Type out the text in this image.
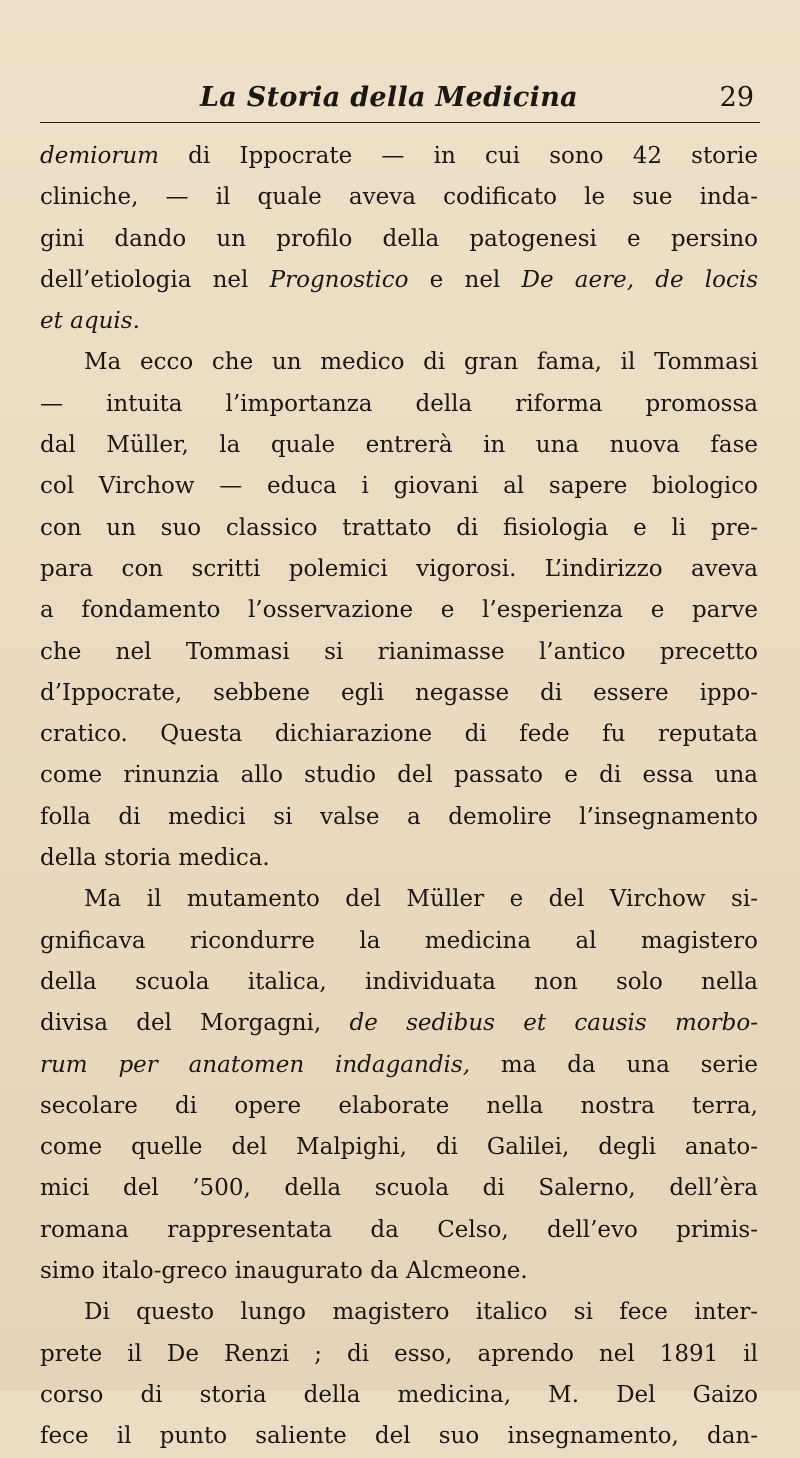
La Storia della Medicina	29
demiorum di Ippocrate — in cui sono 42 storie
cliniche, — il quale aveva codificato le sue inda-
gini dando un profilo della patogenesi e persino
dell’etiologia nel Prognostico e nel De aere, de locis
et aquis.
Ma ecco che un medico di gran fama, il Tommasi
— intuita l’importanza della riforma promossa
dal Müller, la quale entrerà in una nuova fase
col Virchow — educa i giovani al sapere biologico
con un suo classico trattato di fisiologia e li pre-
para con scritti polemici vigorosi. L’indirizzo aveva
a fondamento l’osservazione e l’esperienza e parve
che nel Tommasi si rianimasse l’antico precetto
d’Ippocrate, sebbene egli negasse di essere ippo-
cratico. Questa dichiarazione di fede fu reputata
come rinunzia allo studio del passato e di essa una
folla di medici si valse a demolire l’insegnamento
della storia medica.
Ma il mutamento del Müller e del Virchow si-
gnificava ricondurre la medicina al magistero
della scuola italica, individuata non solo nella
divisa del Morgagni, de sedibus et causis morbo-
rum per anatomen indagandis, ma da una serie
secolare di opere elaborate nella nostra terra,
come quelle del Malpighi, di Galilei, degli anato-
mici del ’500, della scuola di Salerno, dell’èra
romana rappresentata da Celso, dell’evo primis-
simo italo-greco inaugurato da Alcmeone.
Di questo lungo magistero italico si fece inter-
prete il De Renzi ; di esso, aprendo nel 1891 il
corso di storia della medicina, M. Del Gaizo
fece il punto saliente del suo insegnamento, dan-
